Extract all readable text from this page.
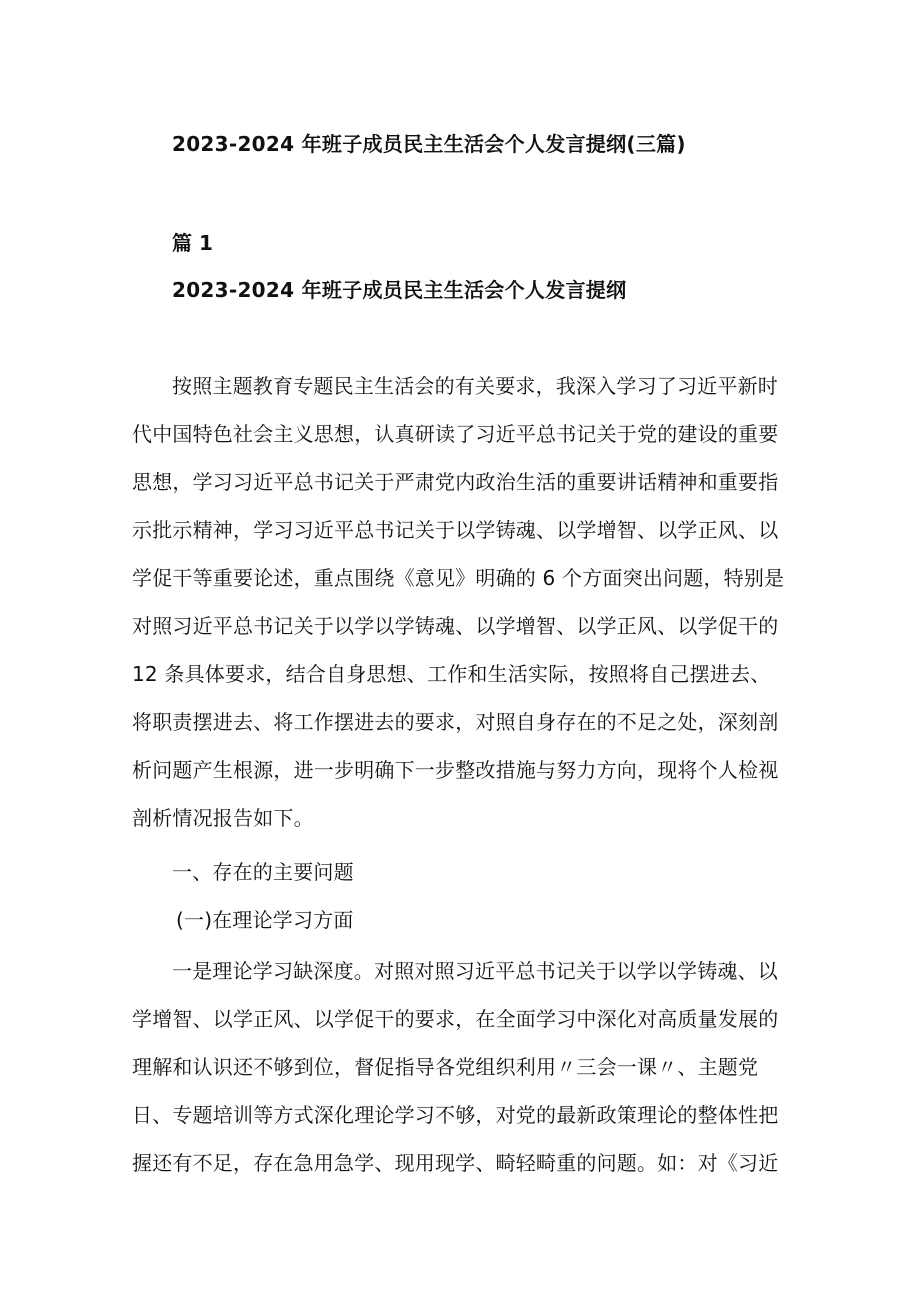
2023-2024 年班子成员民主生活会个人发言提纲(三篇)
篇 1
2023-2024 年班子成员民主生活会个人发言提纲
按照主题教育专题民主生活会的有关要求，我深入学习了习近平新时
代中国特色社会主义思想，认真研读了习近平总书记关于党的建设的重要
思想，学习习近平总书记关于严肃党内政治生活的重要讲话精神和重要指
示批示精神，学习习近平总书记关于以学铸魂、以学增智、以学正风、以
学促干等重要论述，重点围绕《意见》明确的 6 个方面突出问题，特别是
对照习近平总书记关于以学以学铸魂、以学增智、以学正风、以学促干的
12 条具体要求，结合自身思想、工作和生活实际，按照将自己摆进去、
将职责摆进去、将工作摆进去的要求，对照自身存在的不足之处，深刻剖
析问题产生根源，进一步明确下一步整改措施与努力方向，现将个人检视
剖析情况报告如下。
一、存在的主要问题
(一)在理论学习方面
一是理论学习缺深度。对照对照习近平总书记关于以学以学铸魂、以
学增智、以学正风、以学促干的要求，在全面学习中深化对高质量发展的
理解和认识还不够到位，督促指导各党组织利用〃三会一课〃、主题党
日、专题培训等方式深化理论学习不够，对党的最新政策理论的整体性把
握还有不足，存在急用急学、现用现学、畸轻畸重的问题。如：对《习近
